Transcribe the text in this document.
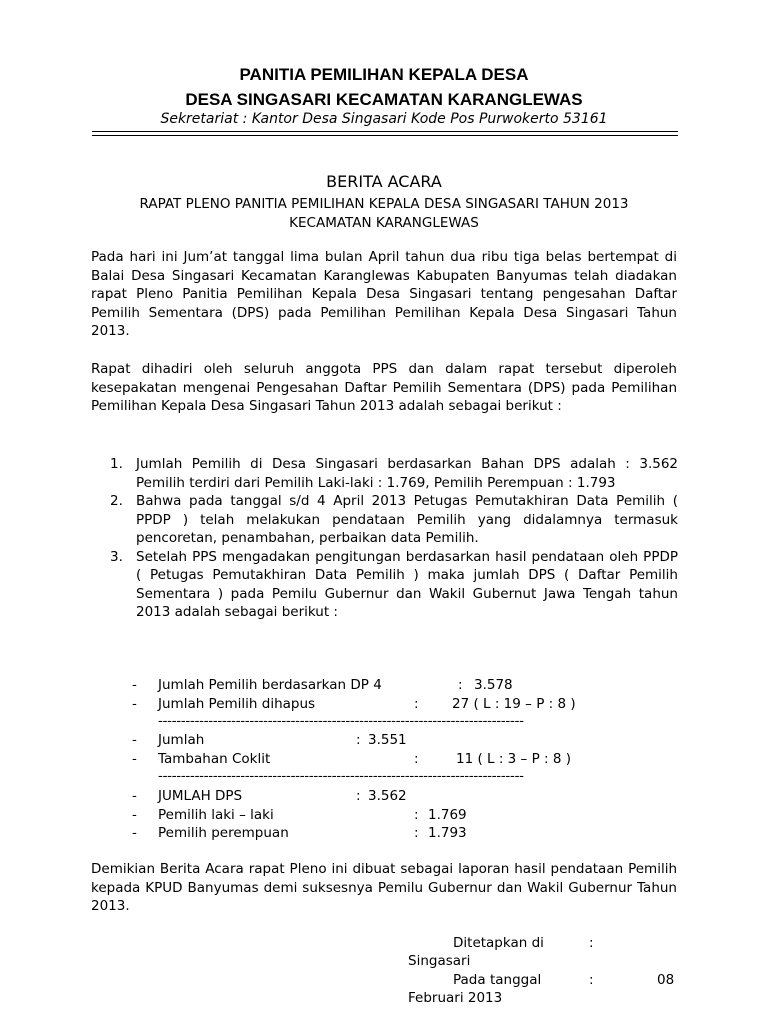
PANITIA PEMILIHAN KEPALA DESA
DESA SINGASARI KECAMATAN KARANGLEWAS
Sekretariat : Kantor Desa Singasari Kode Pos Purwokerto 53161
BERITA ACARA
RAPAT PLENO PANITIA PEMILIHAN KEPALA DESA SINGASARI TAHUN 2013
KECAMATAN KARANGLEWAS
Pada hari ini Jum’at tanggal lima bulan April tahun dua ribu tiga belas bertempat di Balai Desa Singasari Kecamatan Karanglewas Kabupaten Banyumas telah diadakan rapat Pleno Panitia Pemilihan Kepala Desa Singasari tentang pengesahan Daftar Pemilih Sementara (DPS) pada Pemilihan Pemilihan Kepala Desa Singasari Tahun 2013.
Rapat dihadiri oleh seluruh anggota PPS dan dalam rapat tersebut diperoleh kesepakatan mengenai Pengesahan Daftar Pemilih Sementara (DPS) pada Pemilihan Pemilihan Kepala Desa Singasari Tahun 2013 adalah sebagai berikut :
1. Jumlah Pemilih di Desa Singasari berdasarkan Bahan DPS adalah : 3.562 Pemilih terdiri dari Pemilih Laki-laki : 1.769, Pemilih Perempuan : 1.793
2. Bahwa pada tanggal s/d 4 April 2013 Petugas Pemutakhiran Data Pemilih ( PPDP ) telah melakukan pendataan Pemilih yang didalamnya termasuk pencoretan, penambahan, perbaikan data Pemilih.
3. Setelah PPS mengadakan pengitungan berdasarkan hasil pendataan oleh PPDP ( Petugas Pemutakhiran Data Pemilih ) maka jumlah DPS ( Daftar Pemilih Sementara ) pada Pemilu Gubernur dan Wakil Gubernut Jawa Tengah tahun 2013 adalah sebagai berikut :
- Jumlah Pemilih berdasarkan DP 4	: 3.578
- Jumlah Pemilih dihapus	: 27 ( L : 19 – P : 8 )
--------------------------------------------------------------------------------
- Jumlah	: 3.551
- Tambahan Coklit	:	11 ( L : 3 – P : 8 )
--------------------------------------------------------------------------------
- JUMLAH DPS	: 3.562
- Pemilih laki – laki	: 1.769
- Pemilih perempuan	: 1.793
Demikian Berita Acara rapat Pleno ini dibuat sebagai laporan hasil pendataan Pemilih kepada KPUD Banyumas demi suksesnya Pemilu Gubernur dan Wakil Gubernur Tahun 2013.
Ditetapkan di	:
Singasari
Pada tanggal	:	08
Februari 2013
